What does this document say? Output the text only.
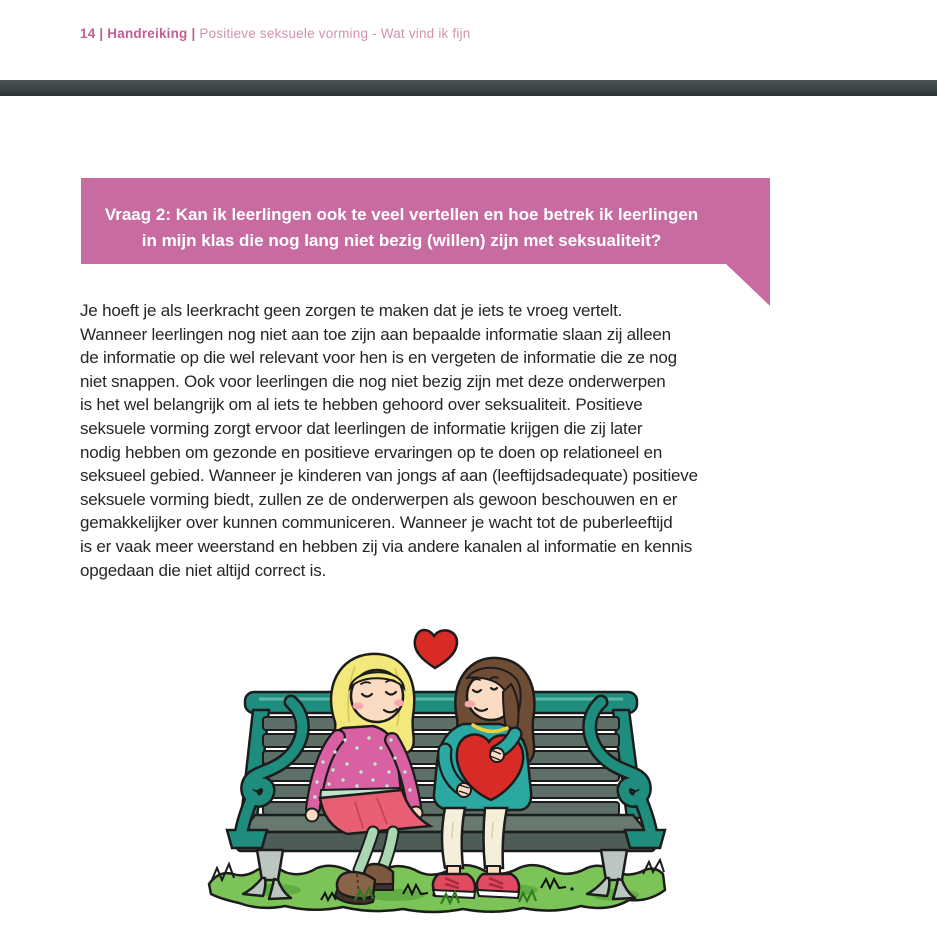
14 | Handreiking | Positieve seksuele vorming - Wat vind ik fijn
Vraag 2: Kan ik leerlingen ook te veel vertellen en hoe betrek ik leerlingen
in mijn klas die nog lang niet bezig (willen) zijn met seksualiteit?
Je hoeft je als leerkracht geen zorgen te maken dat je iets te vroeg vertelt.
Wanneer leerlingen nog niet aan toe zijn aan bepaalde informatie slaan zij alleen
de informatie op die wel relevant voor hen is en vergeten de informatie die ze nog
niet snappen. Ook voor leerlingen die nog niet bezig zijn met deze onderwerpen
is het wel belangrijk om al iets te hebben gehoord over seksualiteit. Positieve
seksuele vorming zorgt ervoor dat leerlingen de informatie krijgen die zij later
nodig hebben om gezonde en positieve ervaringen op te doen op relationeel en
seksueel gebied. Wanneer je kinderen van jongs af aan (leeftijdsadequate) positieve
seksuele vorming biedt, zullen ze de onderwerpen als gewoon beschouwen en er
gemakkelijker over kunnen communiceren. Wanneer je wacht tot de puberleeftijd
is er vaak meer weerstand en hebben zij via andere kanalen al informatie en kennis
opgedaan die niet altijd correct is.
